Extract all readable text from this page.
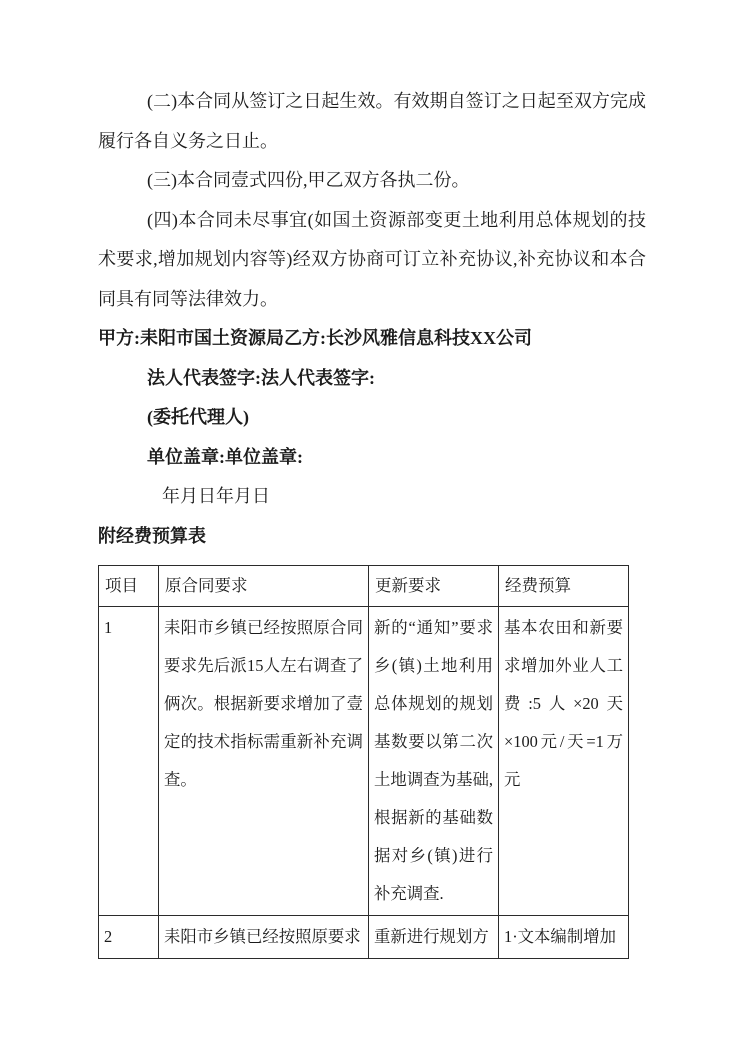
(二)本合同从签订之日起生效。有效期自签订之日起至双方完成履行各自义务之日止。

(三)本合同壹式四份,甲乙双方各执二份。

(四)本合同未尽事宜(如国土资源部变更土地利用总体规划的技术要求,增加规划内容等)经双方协商可订立补充协议,补充协议和本合同具有同等法律效力。

甲方:耒阳市国土资源局乙方:长沙风雅信息科技XX公司

法人代表签字:法人代表签字:

(委托代理人)

单位盖章:单位盖章:

年月日年月日

附经费预算表

项目	原合同要求	更新要求	经费预算
1	耒阳市乡镇已经按照原合同要求先后派15人左右调查了俩次。根据新要求增加了壹定的技术指标需重新补充调查。	新的“通知”要求乡(镇)土地利用总体规划的规划基数要以第二次土地调查为基础,根据新的基础数据对乡(镇)进行补充调查.	基本农田和新要求增加外业人工费:5人×20天×100元/天=1万元
2	耒阳市乡镇已经按照原要求	重新进行规划方	1·文本编制增加
